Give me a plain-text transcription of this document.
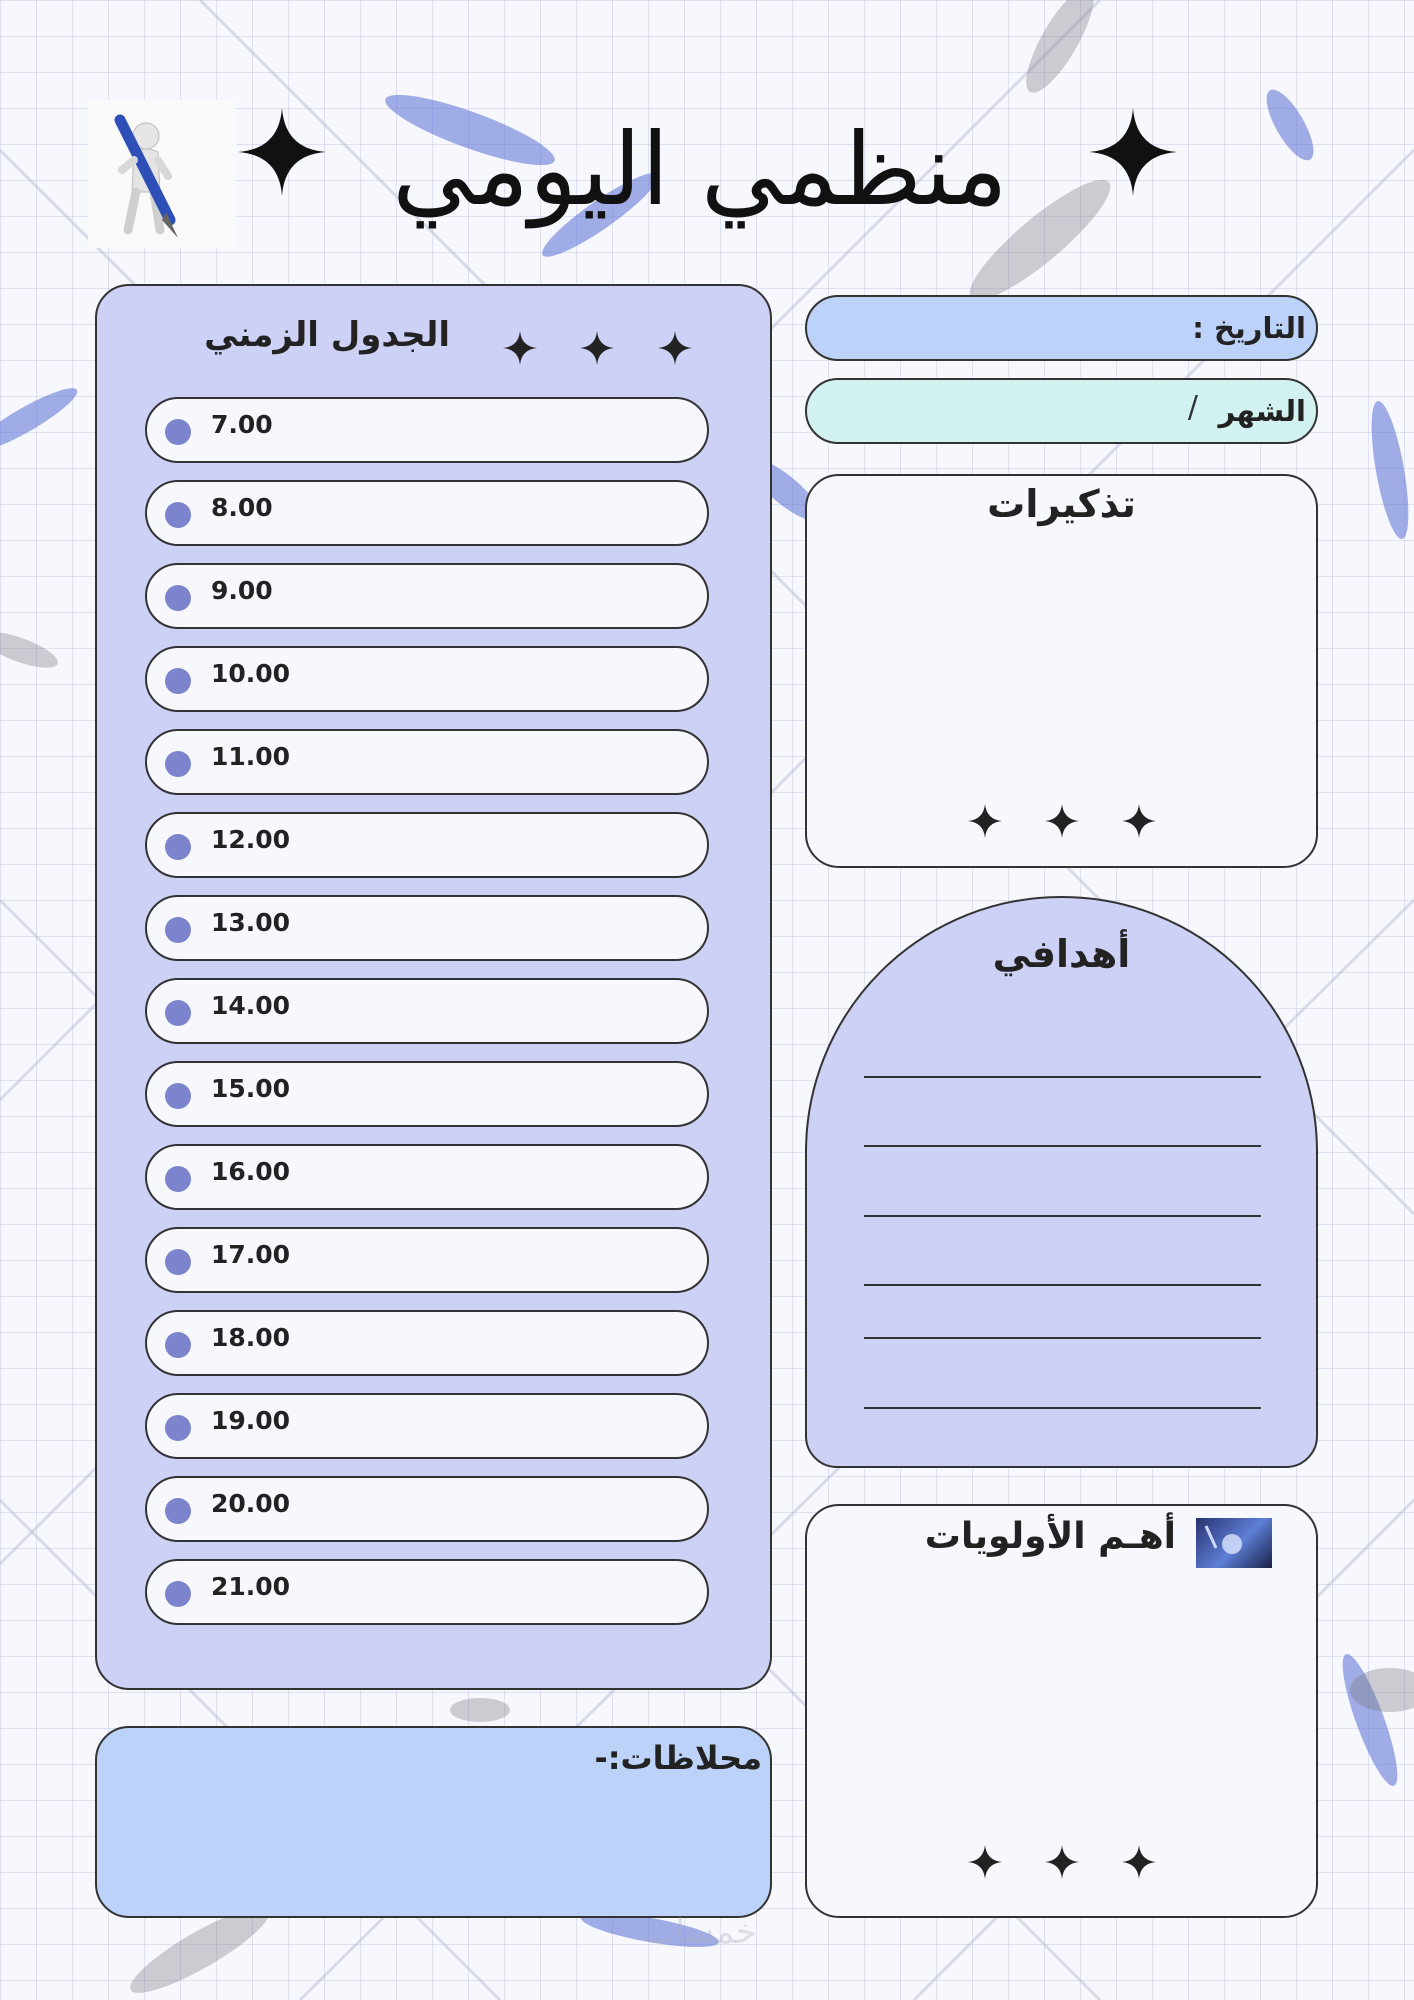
منظمي اليومي
الجدول الزمني
7.00
8.00
9.00
10.00
11.00
12.00
13.00
14.00
15.00
16.00
17.00
18.00
19.00
20.00
21.00
محلاظات:-
التاريخ :
الشهر
/
تذكيرات
أهدافي
أهـم الأولويات
خمسات
